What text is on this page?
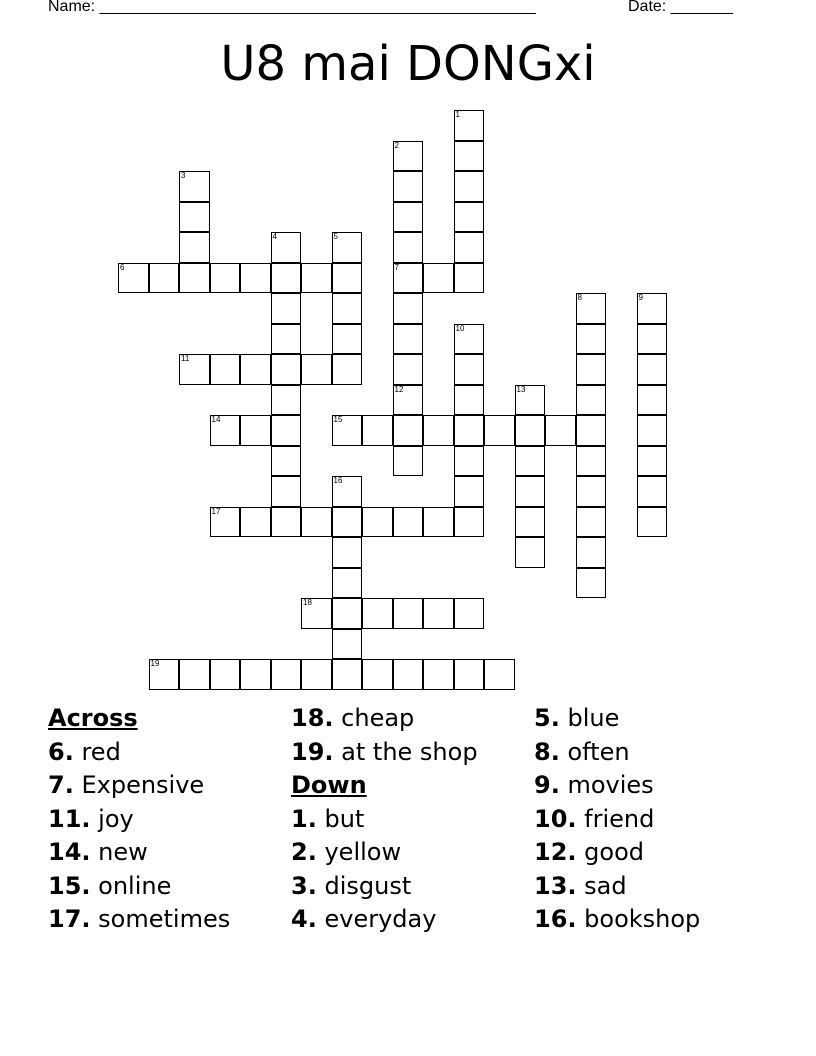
Name: _________________________________________________	Date: _______
U8 mai DONGxi
1
2
7
3
4	5
6
8	9
10
11
12	13
14	15
16
17
18
19
Across
6. red
7. Expensive
11. joy
14. new
15. online
17. sometimes
18. cheap
19. at the shop
Down
1. but
2. yellow
3. disgust
4. everyday
5. blue
8. often
9. movies
10. friend
12. good
13. sad
16. bookshop
